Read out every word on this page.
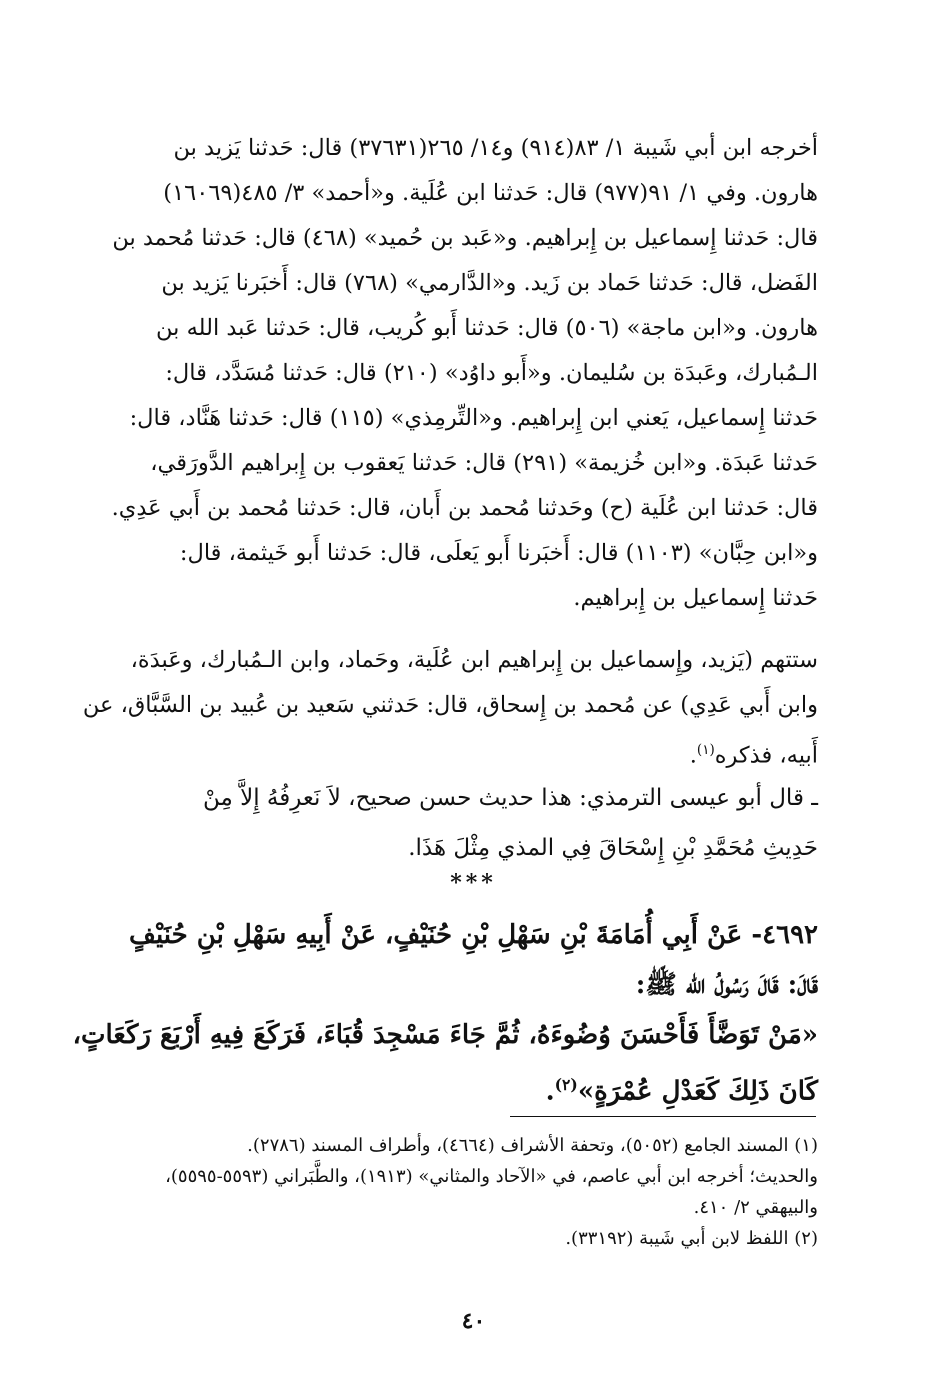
أخرجه ابن أبي شَيبة ١/ ٨٣(٩١٤) و١٤/ ٢٦٥(٣٧٦٣١) قال: حَدثنا يَزيد بن
هارون. وفي ١/ ٩١(٩٧٧) قال: حَدثنا ابن عُلَية. و«أحمد» ٣/ ٤٨٥(١٦٠٦٩)
قال: حَدثنا إِسماعيل بن إِبراهيم. و«عَبد بن حُميد» (٤٦٨) قال: حَدثنا مُحمد بن
الفَضل، قال: حَدثنا حَماد بن زَيد. و«الدَّارمي» (٧٦٨) قال: أَخبَرنا يَزيد بن
هارون. و«ابن ماجة» (٥٠٦) قال: حَدثنا أَبو كُريب، قال: حَدثنا عَبد الله بن
الـمُبارك، وعَبدَة بن سُليمان. و«أَبو داوُد» (٢١٠) قال: حَدثنا مُسَدَّد، قال:
حَدثنا إِسماعيل، يَعني ابن إِبراهيم. و«التِّرمِذي» (١١٥) قال: حَدثنا هَنَّاد، قال:
حَدثنا عَبدَة. و«ابن خُزيمة» (٢٩١) قال: حَدثنا يَعقوب بن إِبراهيم الدَّورَقي،
قال: حَدثنا ابن عُلَية (ح) وحَدثنا مُحمد بن أَبان، قال: حَدثنا مُحمد بن أَبي عَدِي.
و«ابن حِبَّان» (١١٠٣) قال: أَخبَرنا أَبو يَعلَى، قال: حَدثنا أَبو خَيثمة، قال:
حَدثنا إِسماعيل بن إِبراهيم.
ستتهم (يَزيد، وإِسماعيل بن إِبراهيم ابن عُلَية، وحَماد، وابن الـمُبارك، وعَبدَة،
وابن أَبي عَدِي) عن مُحمد بن إِسحاق، قال: حَدثني سَعيد بن عُبيد بن السَّبَّاق، عن
أَبيه، فذكره$^{(١)}$.
ـ قال أبو عيسى الترمذي: هذا حديث حسن صحيح، لاَ نَعرِفُهُ إِلاَّ مِنْ
حَدِيثِ مُحَمَّدِ بْنِ إِسْحَاقَ فِي المذي مِثْلَ هَذَا.
***
٤٦٩٢- عَنْ أَبِي أُمَامَةَ بْنِ سَهْلِ بْنِ حُنَيْفٍ، عَنْ أَبِيهِ سَهْلِ بْنِ حُنَيْفٍ
قَالَ: قَالَ رَسُولُ الله ﷺ:
«مَنْ تَوَضَّأَ فَأَحْسَنَ وُضُوءَهُ، ثُمَّ جَاءَ مَسْجِدَ قُبَاءَ، فَرَكَعَ فِيهِ أَرْبَعَ رَكَعَاتٍ،
كَانَ ذَلِكَ كَعَدْلِ عُمْرَةٍ»$^{(٢)}$.
(١) المسند الجامع (٥٠٥٢)، وتحفة الأشراف (٤٦٦٤)، وأطراف المسند (٢٧٨٦).
والحديث؛ أخرجه ابن أبي عاصم، في «الآحاد والمثاني» (١٩١٣)، والطَّبَراني (٥٥٩٣-٥٥٩٥)،
والبيهقي ٢/ ٤١٠.
(٢) اللفظ لابن أبي شَيبة (٣٣١٩٢).
٤٠
